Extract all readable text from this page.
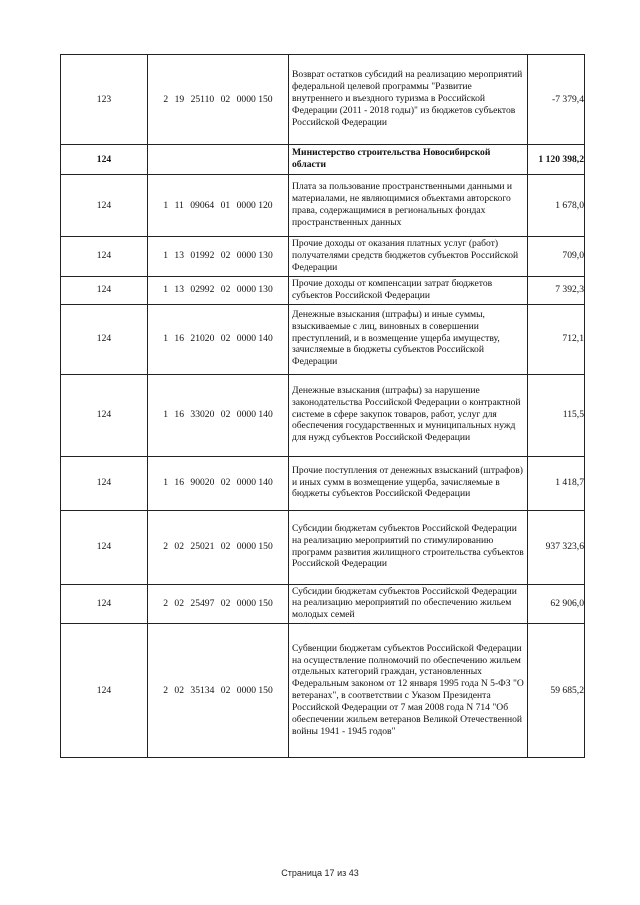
123	2 19 25110 02 0000 150	Возврат остатков субсидий на реализацию мероприятий федеральной целевой программы "Развитие внутреннего и въездного туризма в Российской Федерации (2011 - 2018 годы)" из бюджетов субъектов Российской Федерации	-7 379,4
124		Министерство строительства Новосибирской области	1 120 398,2
124	1 11 09064 01 0000 120	Плата за пользование пространственными данными и материалами, не являющимися объектами авторского права, содержащимися в региональных фондах пространственных данных	1 678,0
124	1 13 01992 02 0000 130	Прочие доходы от оказания платных услуг (работ) получателями средств бюджетов субъектов Российской Федерации	709,0
124	1 13 02992 02 0000 130	Прочие доходы от компенсации затрат бюджетов субъектов Российской Федерации	7 392,3
124	1 16 21020 02 0000 140	Денежные взыскания (штрафы) и иные суммы, взыскиваемые с лиц, виновных в совершении преступлений, и в возмещение ущерба имуществу, зачисляемые в бюджеты субъектов Российской Федерации	712,1
124	1 16 33020 02 0000 140	Денежные взыскания (штрафы) за нарушение законодательства Российской Федерации о контрактной системе в сфере закупок товаров, работ, услуг для обеспечения государственных и муниципальных нужд для нужд субъектов Российской Федерации	115,5
124	1 16 90020 02 0000 140	Прочие поступления от денежных взысканий (штрафов) и иных сумм в возмещение ущерба, зачисляемые в бюджеты субъектов Российской Федерации	1 418,7
124	2 02 25021 02 0000 150	Субсидии бюджетам субъектов Российской Федерации на реализацию мероприятий по стимулированию программ развития жилищного строительства субъектов Российской Федерации	937 323,6
124	2 02 25497 02 0000 150	Субсидии бюджетам субъектов Российской Федерации на реализацию мероприятий по обеспечению жильем молодых семей	62 906,0
124	2 02 35134 02 0000 150	Субвенции бюджетам субъектов Российской Федерации на осуществление полномочий по обеспечению жильем отдельных категорий граждан, установленных Федеральным законом от 12 января 1995 года N 5-ФЗ "О ветеранах", в соответствии с Указом Президента Российской Федерации от 7 мая 2008 года N 714 "Об обеспечении жильем ветеранов Великой Отечественной войны 1941 - 1945 годов"	59 685,2
Страница 17 из 43
